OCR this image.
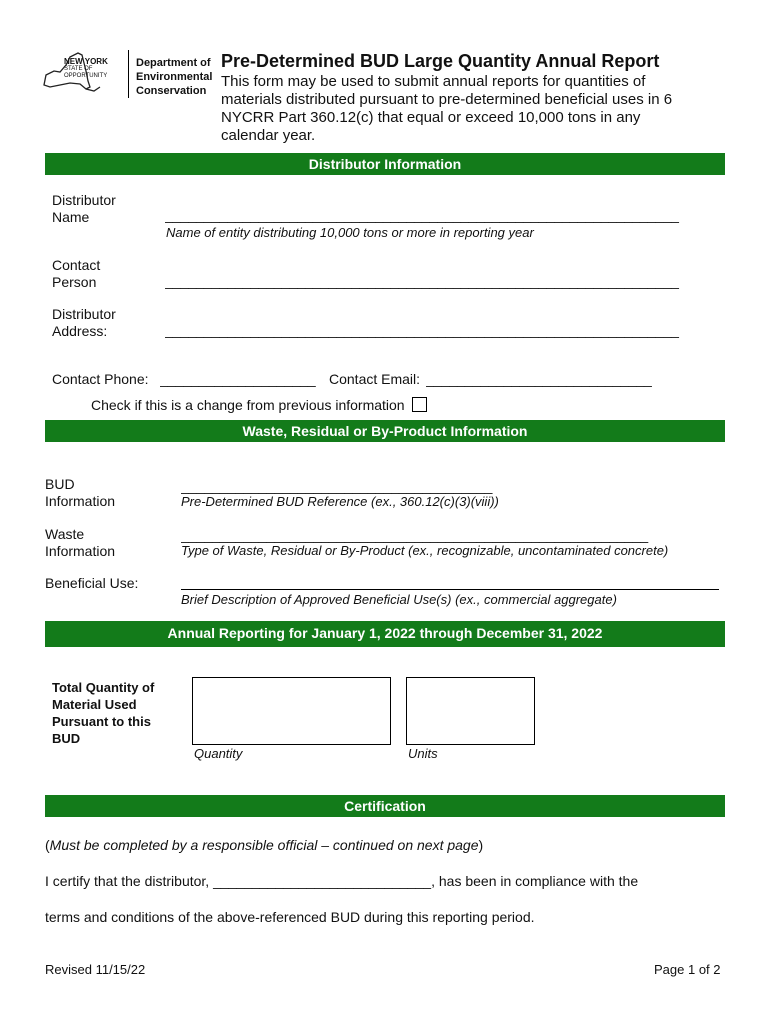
NEW YORK
STATE OF
OPPORTUNITY
Department of
Environmental
Conservation
Pre-Determined BUD Large Quantity Annual Report
This form may be used to submit annual reports for quantities of materials distributed pursuant to pre-determined beneficial uses in 6 NYCRR Part 360.12(c) that equal or exceed 10,000 tons in any calendar year.
Distributor Information
Distributor
Name	__________________________________________________________________
Name of entity distributing 10,000 tons or more in reporting year
Contact
Person	__________________________________________________________________
Distributor
Address:	__________________________________________________________________
Contact Phone: ____________________ Contact Email: _____________________________
Check if this is a change from previous information
Waste, Residual or By-Product Information
BUD
Information
________________________________________
Pre-Determined BUD Reference (ex., 360.12(c)(3)(viii))
Waste
Information
____________________________________________________________
Type of Waste, Residual or By-Product (ex., recognizable, uncontaminated concrete)
Beneficial Use:
Brief Description of Approved Beneficial Use(s) (ex., commercial aggregate)
Annual Reporting for January 1, 2022 through December 31, 2022
Total Quantity of
Material Used
Pursuant to this
BUD
Quantity	Units
Certification
(Must be completed by a responsible official – continued on next page)
I certify that the distributor, ____________________________, has been in compliance with the
terms and conditions of the above-referenced BUD during this reporting period.
Revised 11/15/22	Page 1 of 2
